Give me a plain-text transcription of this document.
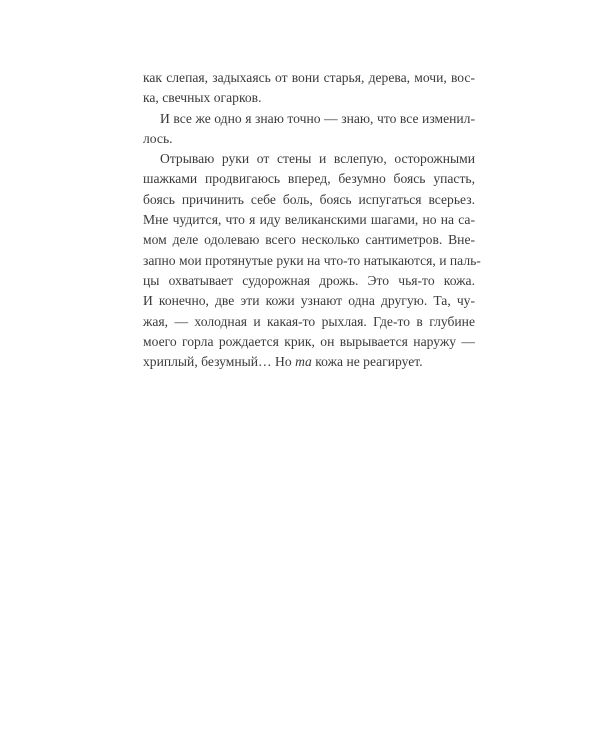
как слепая, задыхаясь от вони старья, дерева, мочи, вос-
ка, свечных огарков.
И все же одно я знаю точно — знаю, что все изменил-
лось.
Отрываю руки от стены и вслепую, осторожными
шажками продвигаюсь вперед, безумно боясь упасть,
боясь причинить себе боль, боясь испугаться всерьез.
Мне чудится, что я иду великанскими шагами, но на са-
мом деле одолеваю всего несколько сантиметров. Вне-
запно мои протянутые руки на что-то натыкаются, и паль-
цы охватывает судорожная дрожь. Это чья-то кожа.
И конечно, две эти кожи узнают одна другую. Та, чу-
жая, — холодная и какая-то рыхлая. Где-то в глубине
моего горла рождается крик, он вырывается наружу —
хриплый, безумный… Но та кожа не реагирует.
